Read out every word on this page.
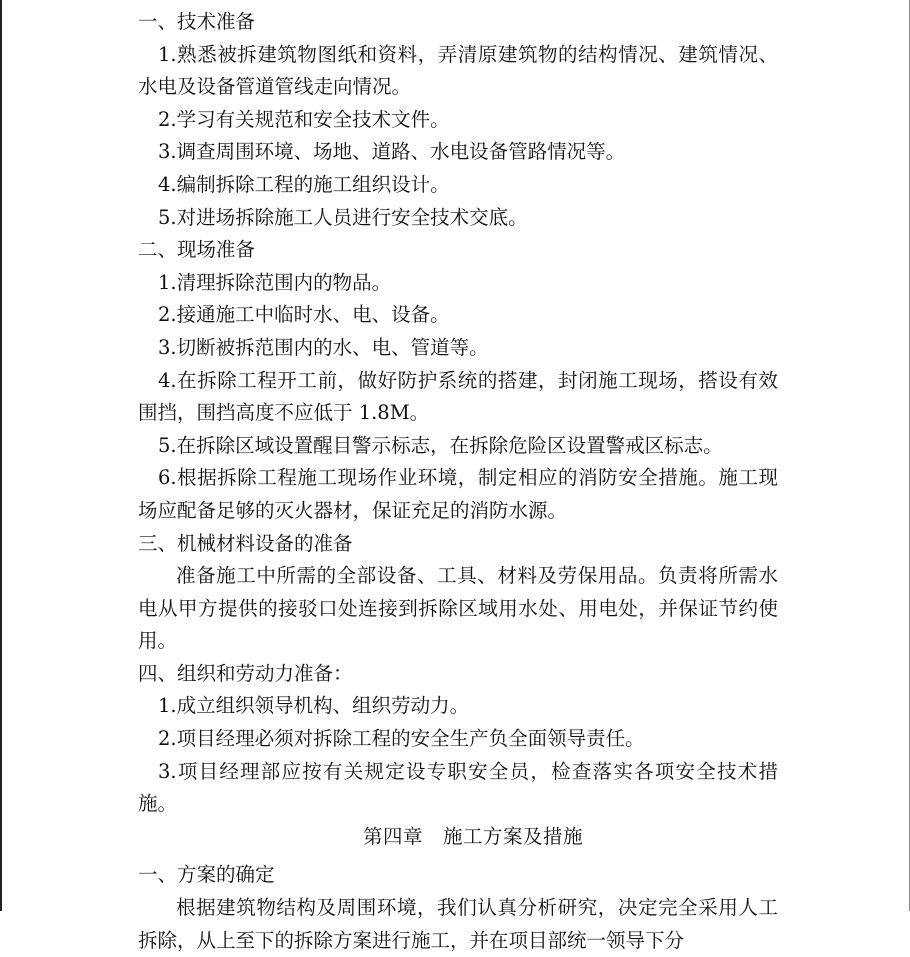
一、技术准备

1.熟悉被拆建筑物图纸和资料，弄清原建筑物的结构情况、建筑情况、水电及设备管道管线走向情况。

2.学习有关规范和安全技术文件。

3.调查周围环境、场地、道路、水电设备管路情况等。

4.编制拆除工程的施工组织设计。

5.对进场拆除施工人员进行安全技术交底。

二、现场准备

1.清理拆除范围内的物品。

2.接通施工中临时水、电、设备。

3.切断被拆范围内的水、电、管道等。

4.在拆除工程开工前，做好防护系统的搭建，封闭施工现场，搭设有效围挡，围挡高度不应低于 1.8M。

5.在拆除区域设置醒目警示标志，在拆除危险区设置警戒区标志。

6.根据拆除工程施工现场作业环境，制定相应的消防安全措施。施工现场应配备足够的灭火器材，保证充足的消防水源。

三、机械材料设备的准备

准备施工中所需的全部设备、工具、材料及劳保用品。负责将所需水电从甲方提供的接驳口处连接到拆除区域用水处、用电处，并保证节约使用。

四、组织和劳动力准备：

1.成立组织领导机构、组织劳动力。

2.项目经理必须对拆除工程的安全生产负全面领导责任。

3.项目经理部应按有关规定设专职安全员，检查落实各项安全技术措施。

第四章　施工方案及措施

一、方案的确定

根据建筑物结构及周围环境，我们认真分析研究，决定完全采用人工拆除，从上至下的拆除方案进行施工，并在项目部统一领导下分
